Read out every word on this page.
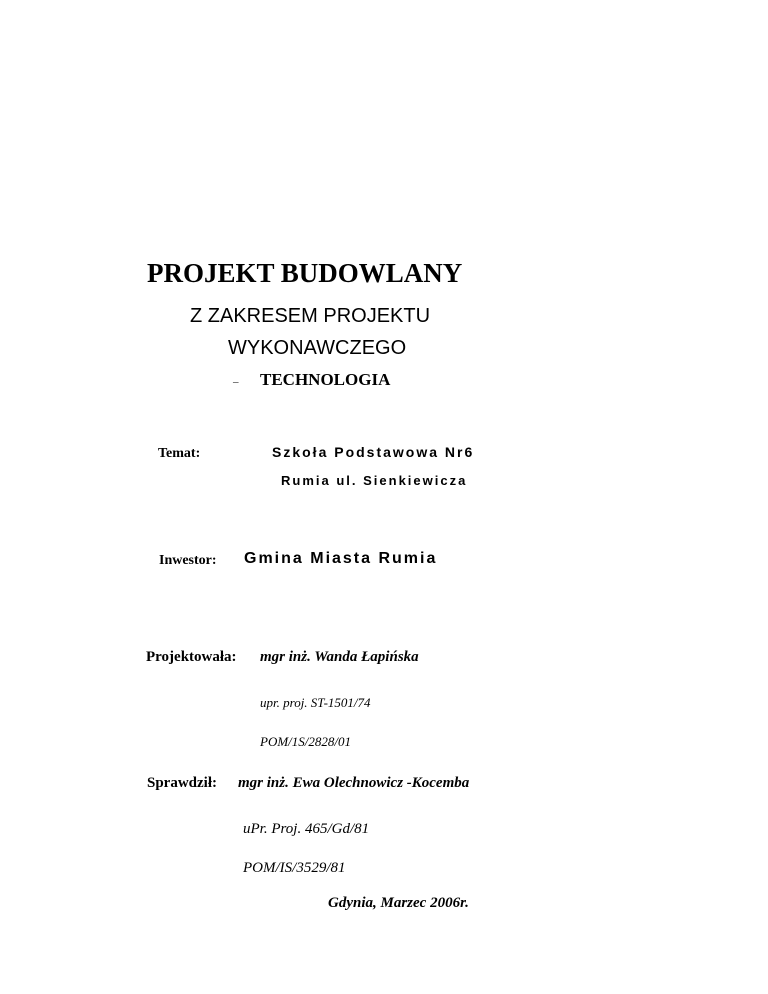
PROJEKT BUDOWLANY
Z ZAKRESEM PROJEKTU
WYKONAWCZEGO
– TECHNOLOGIA
Temat:	Szkoła Podstawowa Nr6
Rumia ul. Sienkiewicza
Inwestor: Gmina Miasta Rumia
Projektowała: mgr inż. Wanda Łapińska
upr. proj. ST-1501/74
POM/1S/2828/01
Sprawdził: mgr inż. Ewa Olechnowicz -Kocemba
uPr. Proj. 465/Gd/81
POM/IS/3529/81
Gdynia, Marzec 2006r.
